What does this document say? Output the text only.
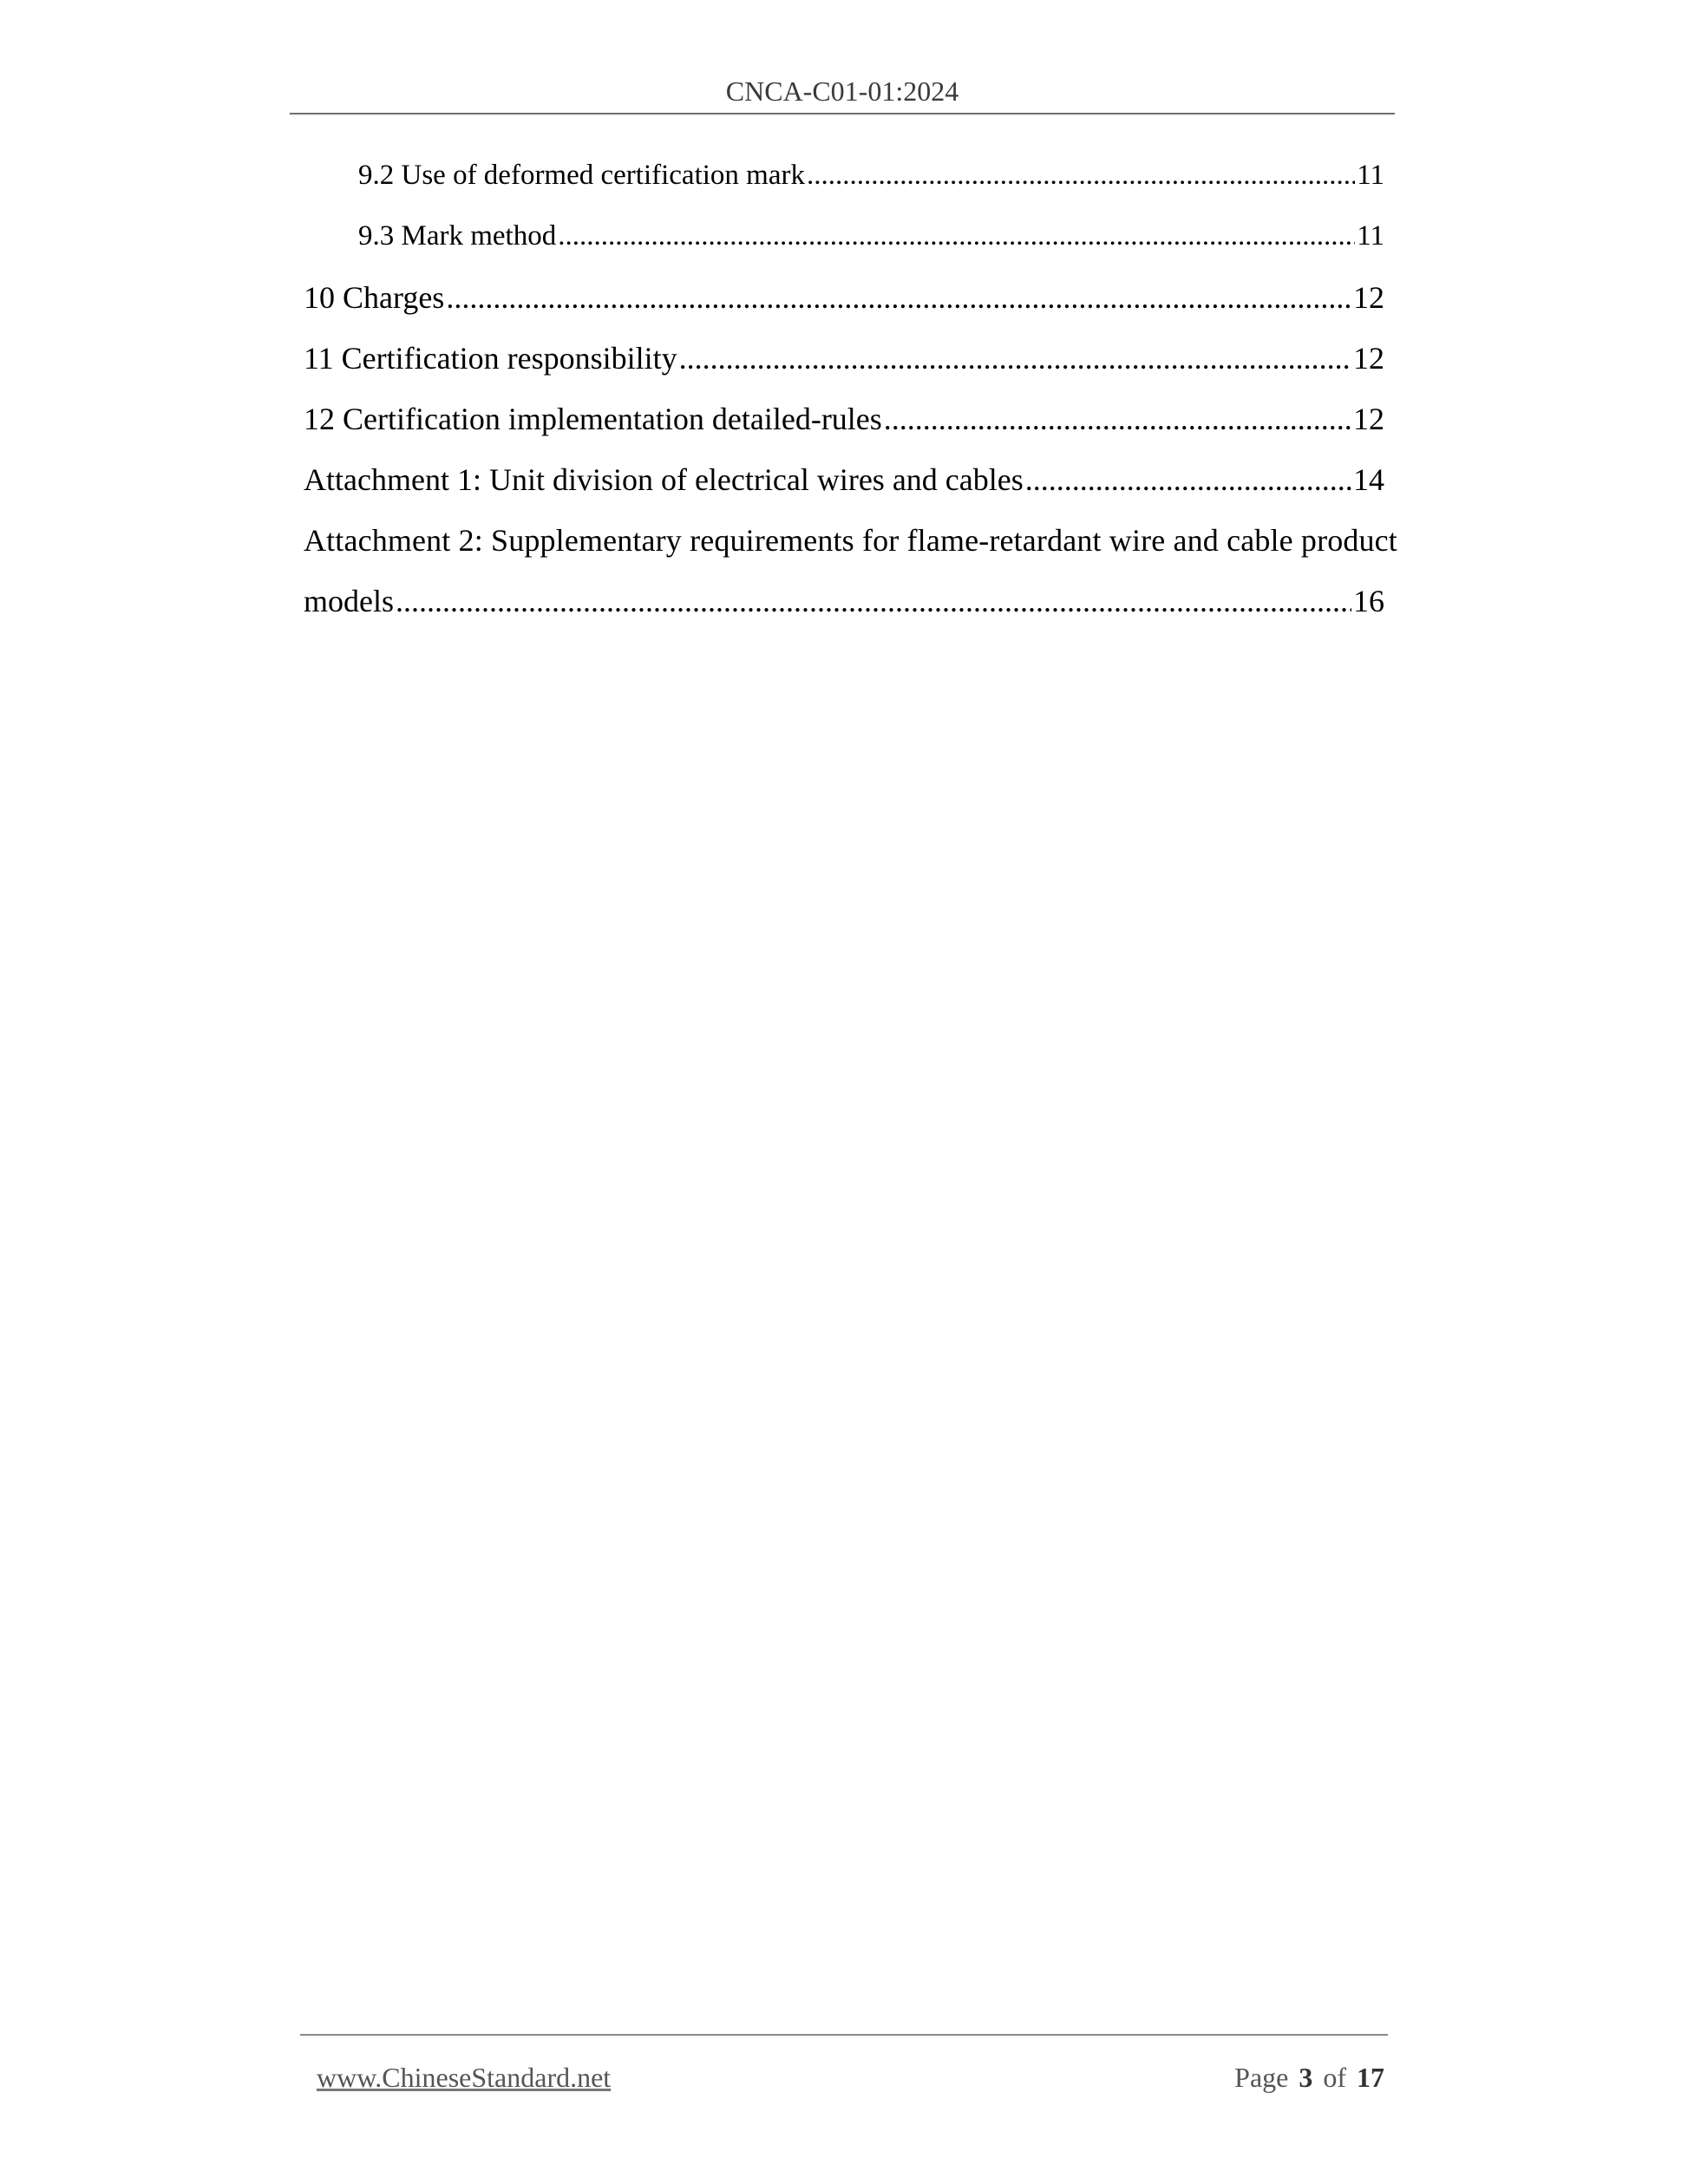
CNCA-C01-01:2024
9.2 Use of deformed certification mark .....	11
9.3 Mark method .....	11
10 Charges .....	12
11 Certification responsibility .....	12
12 Certification implementation detailed-rules .....	12
Attachment 1: Unit division of electrical wires and cables .....	14
Attachment 2: Supplementary requirements for flame-retardant wire and cable product
models .....	16
www.ChineseStandard.net	Page 3 of 17
